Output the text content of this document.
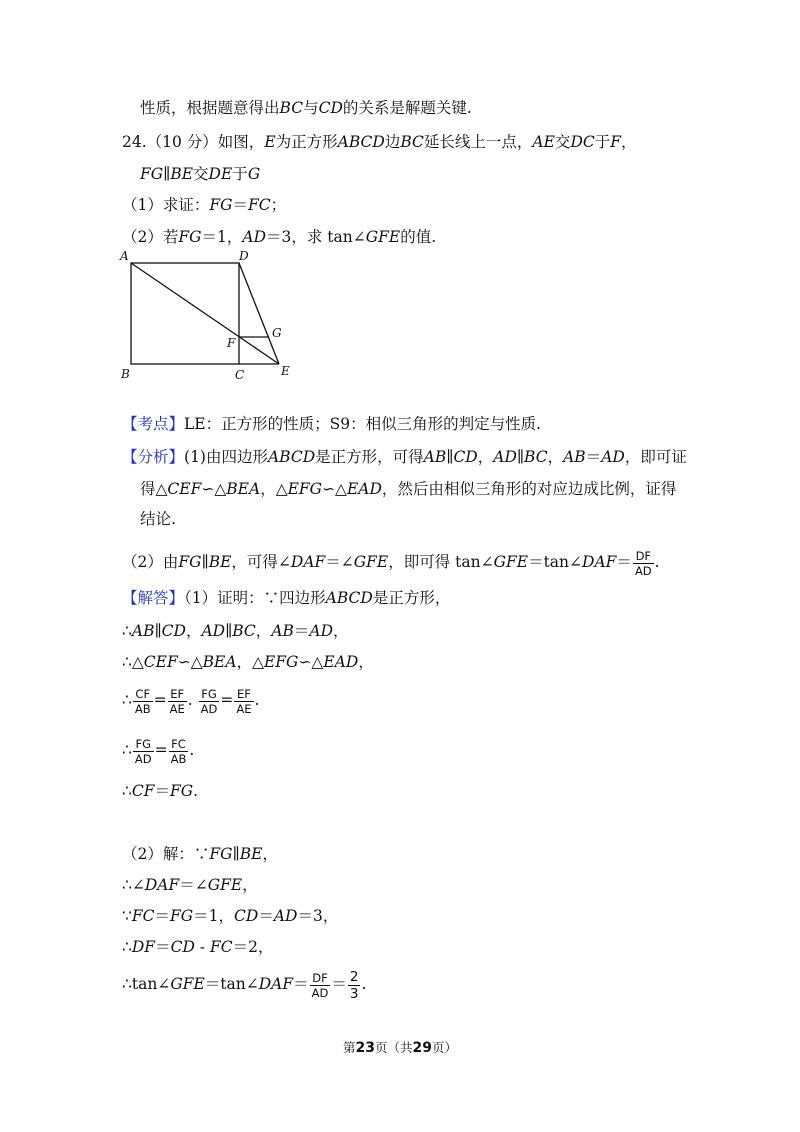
性质，根据题意得出BC与CD的关系是解题关键.
24.（10 分）如图，E为正方形ABCD边BC延长线上一点，AE交DC于F，
FG∥BE交DE于G
（1）求证：FG＝FC；
（2）若FG＝1，AD＝3，求 tan∠GFE的值.
A	D
G
F
B	C	E
【考点】LE：正方形的性质；S9：相似三角形的判定与性质.
【分析】(1)由四边形ABCD是正方形，可得AB∥CD，AD∥BC，AB＝AD，即可证
得△CEF∽△BEA，△EFG∽△EAD，然后由相似三角形的对应边成比例，证得
结论.
（2）由FG∥BE，可得∠DAF＝∠GFE，即可得 tan∠GFE＝tan∠DAF＝ $\frac{DF}{AD}$ .
【解答】（1）证明：∵四边形ABCD是正方形，
∴AB∥CD，AD∥BC，AB＝AD，
∴△CEF∽△BEA，△EFG∽△EAD，
∴ $\frac{CF}{AB} = \frac{EF}{AE}$ . $\frac{FG}{AD} = \frac{EF}{AE}$ .
∴ $\frac{FG}{AD} = \frac{FC}{AB}$ .
∴CF＝FG.
（2）解：∵FG∥BE，
∴∠DAF＝∠GFE，
∵FC＝FG＝1，CD＝AD＝3，
∴DF＝CD - FC＝2，
∴tan∠GFE＝tan∠DAF＝ $\frac{DF}{AD} = \frac{2}{3}$ .
第23页（共29页）
